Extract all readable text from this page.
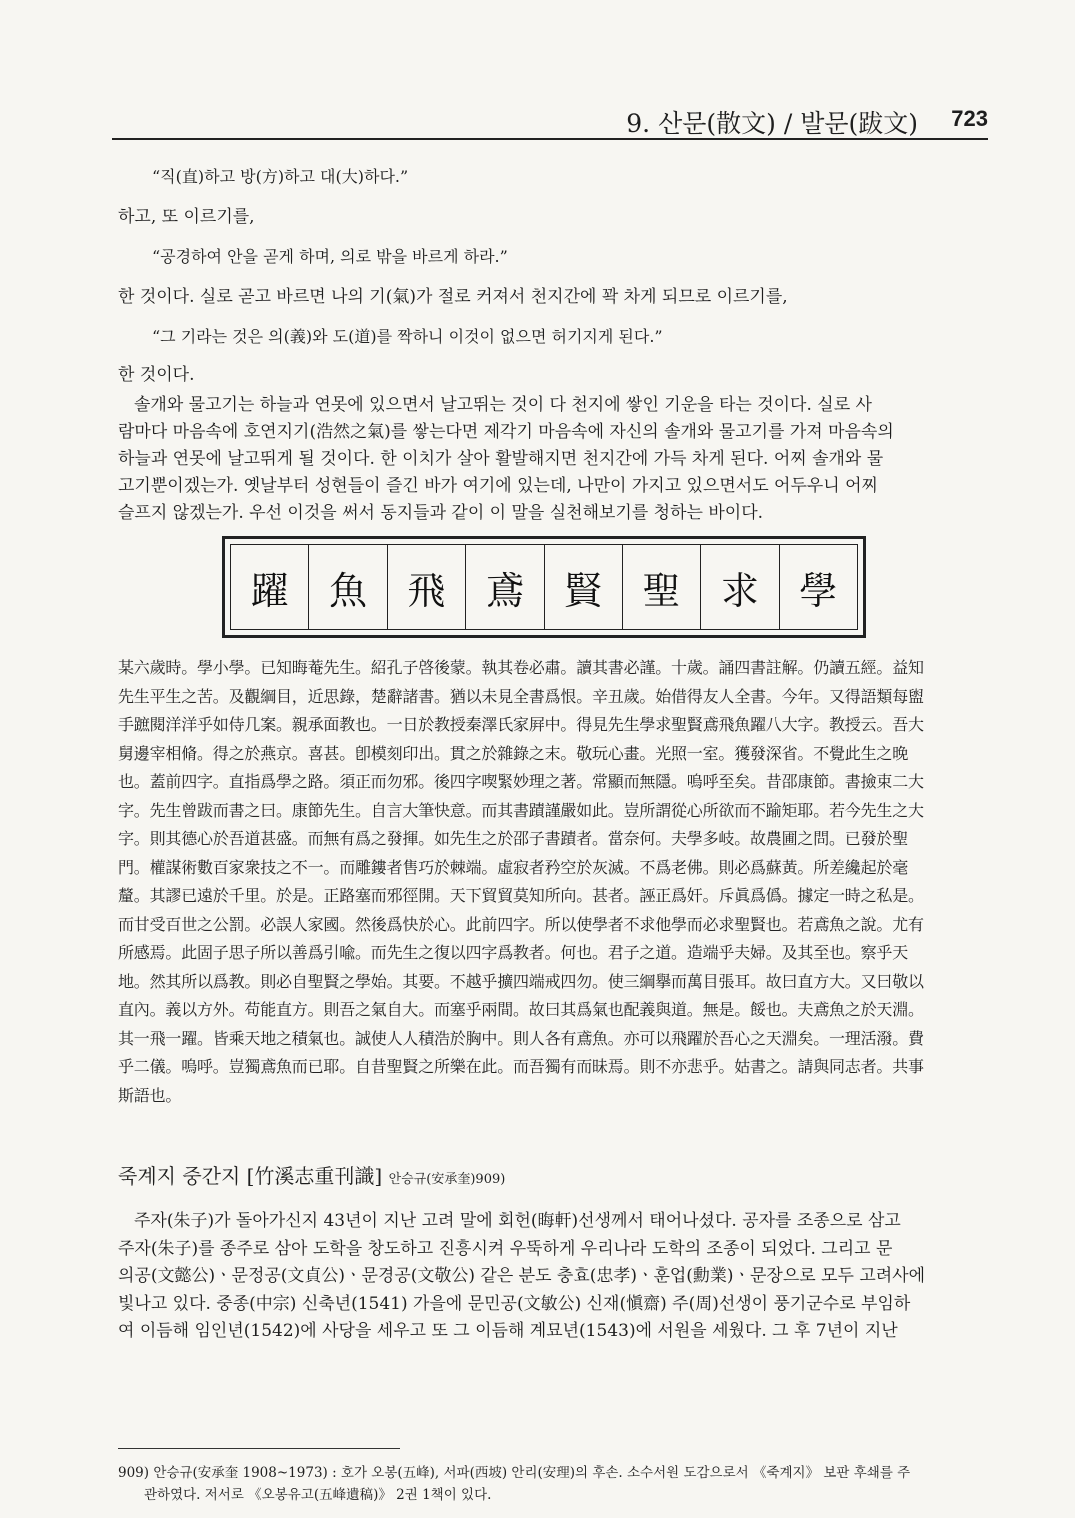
9. 산문(散文) / 발문(跋文) 723
“직(直)하고 방(方)하고 대(大)하다.”
하고, 또 이르기를,
“공경하여 안을 곧게 하며, 의로 밖을 바르게 하라.”
한 것이다. 실로 곧고 바르면 나의 기(氣)가 절로 커져서 천지간에 꽉 차게 되므로 이르기를,
“그 기라는 것은 의(義)와 도(道)를 짝하니 이것이 없으면 허기지게 된다.”
한 것이다.
솔개와 물고기는 하늘과 연못에 있으면서 날고뛰는 것이 다 천지에 쌓인 기운을 타는 것이다. 실로 사
람마다 마음속에 호연지기(浩然之氣)를 쌓는다면 제각기 마음속에 자신의 솔개와 물고기를 가져 마음속의
하늘과 연못에 날고뛰게 될 것이다. 한 이치가 살아 활발해지면 천지간에 가득 차게 된다. 어찌 솔개와 물
고기뿐이겠는가. 옛날부터 성현들이 즐긴 바가 여기에 있는데, 나만이 가지고 있으면서도 어두우니 어찌
슬프지 않겠는가. 우선 이것을 써서 동지들과 같이 이 말을 실천해보기를 청하는 바이다.
躍	魚	飛	鳶	賢	聖	求	學
某六歲時。學小學。已知晦菴先生。紹孔子啓後蒙。執其卷必肅。讀其書必謹。十歲。誦四書註解。仍讀五經。益知
先生平生之苦。及觀綱目，近思錄，楚辭諸書。猶以未見全書爲恨。辛丑歲。始借得友人全書。今年。又得語類每盥
手蹠閱洋洋乎如侍几案。親承面教也。一日於教授秦澤氏家屛中。得見先生學求聖賢鳶飛魚躍八大字。教授云。吾大
舅邊宰相脩。得之於燕京。喜甚。卽模刻印出。貫之於雜錄之末。敬玩心畫。光照一室。獲發深省。不覺此生之晚
也。蓋前四字。直指爲學之路。須正而勿邪。後四字喫緊妙理之著。常顯而無隱。嗚呼至矣。昔邵康節。書撿束二大
字。先生曾跋而書之曰。康節先生。自言大筆快意。而其書蹟謹嚴如此。豈所謂從心所欲而不踰矩耶。若今先生之大
字。則其德心於吾道甚盛。而無有爲之發揮。如先生之於邵子書蹟者。當奈何。夫學多岐。故農圃之問。已發於聖
門。權謀術數百家衆技之不一。而雕鏤者售巧於棘端。虛寂者矜空於灰滅。不爲老佛。則必爲蘇黃。所差纔起於毫
釐。其謬已遠於千里。於是。正路塞而邪徑開。天下貿貿莫知所向。甚者。誣正爲奸。斥眞爲僞。據定一時之私是。
而甘受百世之公罰。必誤人家國。然後爲快於心。此前四字。所以使學者不求他學而必求聖賢也。若鳶魚之說。尤有
所感焉。此固子思子所以善爲引喩。而先生之復以四字爲教者。何也。君子之道。造端乎夫婦。及其至也。察乎天
地。然其所以爲教。則必自聖賢之學始。其要。不越乎擴四端戒四勿。使三綱擧而萬目張耳。故曰直方大。又曰敬以
直內。義以方外。苟能直方。則吾之氣自大。而塞乎兩間。故曰其爲氣也配義與道。無是。餒也。夫鳶魚之於天淵。
其一飛一躍。皆乘天地之積氣也。誠使人人積浩於胸中。則人各有鳶魚。亦可以飛躍於吾心之天淵矣。一理活潑。費
乎二儀。嗚呼。豈獨鳶魚而已耶。自昔聖賢之所樂在此。而吾獨有而昧焉。則不亦悲乎。姑書之。請與同志者。共事
斯語也。
죽계지 중간지 [竹溪志重刊識] 안승규(安承奎)909)
주자(朱子)가 돌아가신지 43년이 지난 고려 말에 회헌(晦軒)선생께서 태어나셨다. 공자를 조종으로 삼고
주자(朱子)를 종주로 삼아 도학을 창도하고 진흥시켜 우뚝하게 우리나라 도학의 조종이 되었다. 그리고 문
의공(文懿公)ㆍ문정공(文貞公)ㆍ문경공(文敬公) 같은 분도 충효(忠孝)ㆍ훈업(勳業)ㆍ문장으로 모두 고려사에
빛나고 있다. 중종(中宗) 신축년(1541) 가을에 문민공(文敏公) 신재(愼齋) 주(周)선생이 풍기군수로 부임하
여 이듬해 임인년(1542)에 사당을 세우고 또 그 이듬해 계묘년(1543)에 서원을 세웠다. 그 후 7년이 지난
909) 안승규(安承奎 1908~1973) : 호가 오봉(五峰), 서파(西坡) 안리(安理)의 후손. 소수서원 도감으로서 《죽계지》 보판 후쇄를 주
관하였다. 저서로 《오봉유고(五峰遺稿)》 2권 1책이 있다.
